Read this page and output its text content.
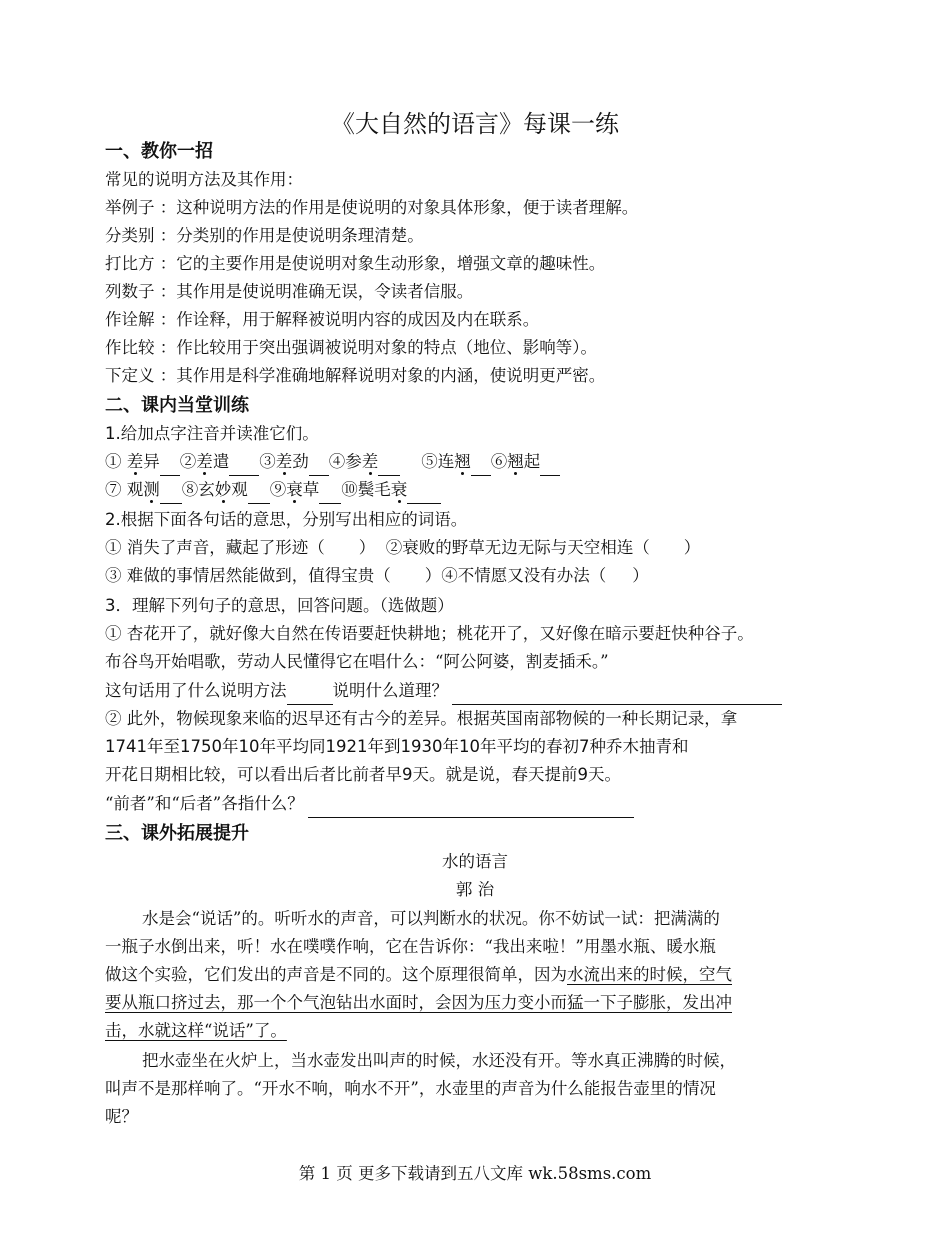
《大自然的语言》每课一练
一、教你一招
常见的说明方法及其作用：
举例子 ：这种说明方法的作用是使说明的对象具体形象，便于读者理解。
分类别 ：分类别的作用是使说明条理清楚。
打比方 ：它的主要作用是使说明对象生动形象，增强文章的趣味性。
列数子 ：其作用是使说明准确无误，令读者信服。
作诠解 ：作诠释，用于解释被说明内容的成因及内在联系。
作比较 ：作比较用于突出强调被说明对象的特点（地位、影响等）。
下定义 ：其作用是科学准确地解释说明对象的内涵，使说明更严密。
二、课内当堂训练
1.给加点字注音并读准它们。
① 差异 ②差遣 ③差劲 ④参差	⑤连翘 ⑥翘起
⑦ 观测 ⑧玄妙观 ⑨衰草 ⑩鬓毛衰
2.根据下面各句话的意思，分别写出相应的词语。
① 消失了声音，藏起了形迹（ ） ②衰败的野草无边无际与天空相连（ ）
③ 难做的事情居然能做到，值得宝贵（ ）④不情愿又没有办法（ ）
3．理解下列句子的意思，回答问题。（选做题）
① 杏花开了，就好像大自然在传语要赶快耕地；桃花开了，又好像在暗示要赶快种谷子。
布谷鸟开始唱歌，劳动人民懂得它在唱什么：“阿公阿婆，割麦插禾。”
这句话用了什么说明方法	说明什么道理？
② 此外，物候现象来临的迟早还有古今的差异。根据英国南部物候的一种长期记录，拿
1741年至1750年10年平均同1921年到1930年10年平均的春初7种乔木抽青和
开花日期相比较，可以看出后者比前者早9天。就是说，春天提前9天。
“前者”和“后者”各指什么？
三、课外拓展提升
水的语言
郭 治
水是会“说话”的。听听水的声音，可以判断水的状况。你不妨试一试：把满满的
一瓶子水倒出来，听！水在噗噗作响，它在告诉你：“我出来啦！”用墨水瓶、暖水瓶
做这个实验，它们发出的声音是不同的。这个原理很简单，因为水流出来的时候，空气
要从瓶口挤过去，那一个个气泡钻出水面时，会因为压力变小而猛一下子膨胀，发出冲
击，水就这样“说话”了。
把水壶坐在火炉上，当水壶发出叫声的时候，水还没有开。等水真正沸腾的时候，
叫声不是那样响了。“开水不响，响水不开”，水壶里的声音为什么能报告壶里的情况
呢？
第 1 页 更多下载请到五八文库 wk.58sms.com
